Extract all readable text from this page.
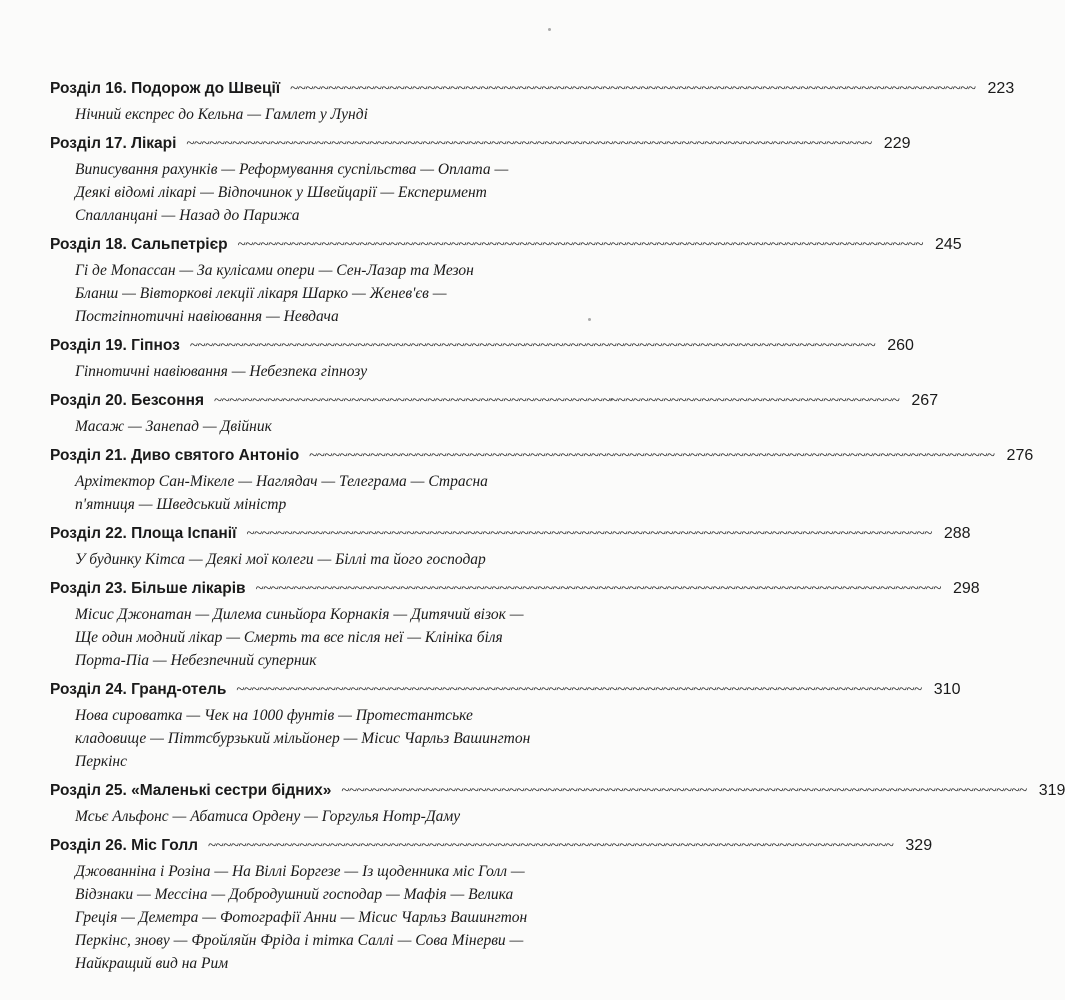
Розділ 16. Подорож до Швеції ~~~~~~~~~~~~~~~~~~~~~~~~~~~~~~~~~~~~~~~~~~~~~~~~~~~~~~~~~~~~~~~~~~~~~~~~~~~~~~~~~~~~~~~~~~ 223
Нічний експрес до Кельна — Гамлет у Лунді
Розділ 17. Лікарі ~~~~~~~~~~~~~~~~~~~~~~~~~~~~~~~~~~~~~~~~~~~~~~~~~~~~~~~~~~~~~~~~~~~~~~~~~~~~~~~~~~~~~~~~~~ 229
Виписування рахунків — Реформування суспільства — Оплата —
Деякі відомі лікарі — Відпочинок у Швейцарії — Експеримент
Спалланцані — Назад до Парижа
Розділ 18. Сальпетрієр ~~~~~~~~~~~~~~~~~~~~~~~~~~~~~~~~~~~~~~~~~~~~~~~~~~~~~~~~~~~~~~~~~~~~~~~~~~~~~~~~~~~~~~~~~~ 245
Гі де Мопассан — За кулісами опери — Сен-Лазар та Мезон
Бланш — Вівторкові лекції лікаря Шарко — Женев'єв —
Постгіпнотичні навіювання — Невдача
Розділ 19. Гіпноз ~~~~~~~~~~~~~~~~~~~~~~~~~~~~~~~~~~~~~~~~~~~~~~~~~~~~~~~~~~~~~~~~~~~~~~~~~~~~~~~~~~~~~~~~~~ 260
Гіпнотичні навіювання — Небезпека гіпнозу
Розділ 20. Безсоння ~~~~~~~~~~~~~~~~~~~~~~~~~~~~~~~~~~~~~~~~~~~~~~~~~~~~~~~~~~~~~~~~~~~~~~~~~~~~~~~~~~~~~~~~~~ 267
Масаж — Занепад — Двійник
Розділ 21. Диво святого Антоніо ~~~~~~~~~~~~~~~~~~~~~~~~~~~~~~~~~~~~~~~~~~~~~~~~~~~~~~~~~~~~~~~~~~~~~~~~~~~~~~~~~~~~~~~~~~ 276
Архітектор Сан-Мікеле — Наглядач — Телеграма — Страсна
п'ятниця — Шведський міністр
Розділ 22. Площа Іспанії ~~~~~~~~~~~~~~~~~~~~~~~~~~~~~~~~~~~~~~~~~~~~~~~~~~~~~~~~~~~~~~~~~~~~~~~~~~~~~~~~~~~~~~~~~~ 288
У будинку Кітса — Деякі мої колеги — Біллі та його господар
Розділ 23. Більше лікарів ~~~~~~~~~~~~~~~~~~~~~~~~~~~~~~~~~~~~~~~~~~~~~~~~~~~~~~~~~~~~~~~~~~~~~~~~~~~~~~~~~~~~~~~~~~ 298
Місис Джонатан — Дилема синьйора Корнакія — Дитячий візок —
Ще один модний лікар — Смерть та все після неї — Клініка біля
Порта-Піа — Небезпечний суперник
Розділ 24. Гранд-отель ~~~~~~~~~~~~~~~~~~~~~~~~~~~~~~~~~~~~~~~~~~~~~~~~~~~~~~~~~~~~~~~~~~~~~~~~~~~~~~~~~~~~~~~~~~ 310
Нова сироватка — Чек на 1000 фунтів — Протестантське
кладовище — Піттсбурзький мільйонер — Місис Чарльз Вашингтон
Перкінс
Розділ 25. «Маленькі сестри бідних» ~~~~~~~~~~~~~~~~~~~~~~~~~~~~~~~~~~~~~~~~~~~~~~~~~~~~~~~~~~~~~~~~~~~~~~~~~~~~~~~~~~~~~~~~~~ 319
Мсьє Альфонс — Абатиса Ордену — Горгулья Нотр-Даму
Розділ 26. Міс Голл ~~~~~~~~~~~~~~~~~~~~~~~~~~~~~~~~~~~~~~~~~~~~~~~~~~~~~~~~~~~~~~~~~~~~~~~~~~~~~~~~~~~~~~~~~~ 329
Джованніна і Розіна — На Віллі Боргезе — Із щоденника міс Голл —
Відзнаки — Мессіна — Добродушний господар — Мафія — Велика
Греція — Деметра — Фотографії Анни — Місис Чарльз Вашингтон
Перкінс, знову — Фройляйн Фріда і тітка Саллі — Сова Мінерви —
Найкращий вид на Рим
